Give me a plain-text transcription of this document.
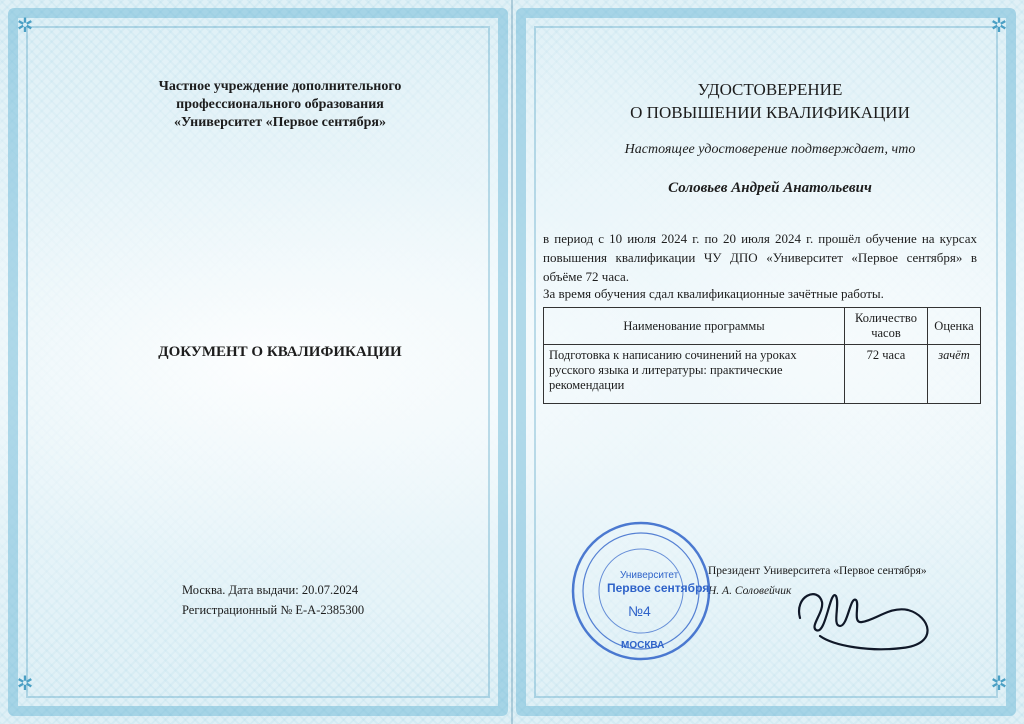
✲	✲
✲	✲
Частное учреждение дополнительного
профессионального образования
«Университет «Первое сентября»
ДОКУМЕНТ О КВАЛИФИКАЦИИ
Москва. Дата выдачи: 20.07.2024
Регистрационный № Е-А-2385300
УДОСТОВЕРЕНИЕ
О ПОВЫШЕНИИ КВАЛИФИКАЦИИ
Настоящее удостоверение подтверждает, что
Соловьев Андрей Анатольевич
в период с 10 июля 2024 г. по 20 июля 2024 г. прошёл обучение на курсах повышения квалификации ЧУ ДПО «Университет «Первое сентября» в объёме 72 часа.
За время обучения сдал квалификационные зачётные работы.
Наименование программы	Количество часов	Оценка
Подготовка к написанию сочинений на уроках русского языка и литературы: практические рекомендации	72 часа	зачёт
Президент Университета «Первое сентября»
Н. А. Соловейчик
Университет
Первое сентября
№4
МОСКВА
